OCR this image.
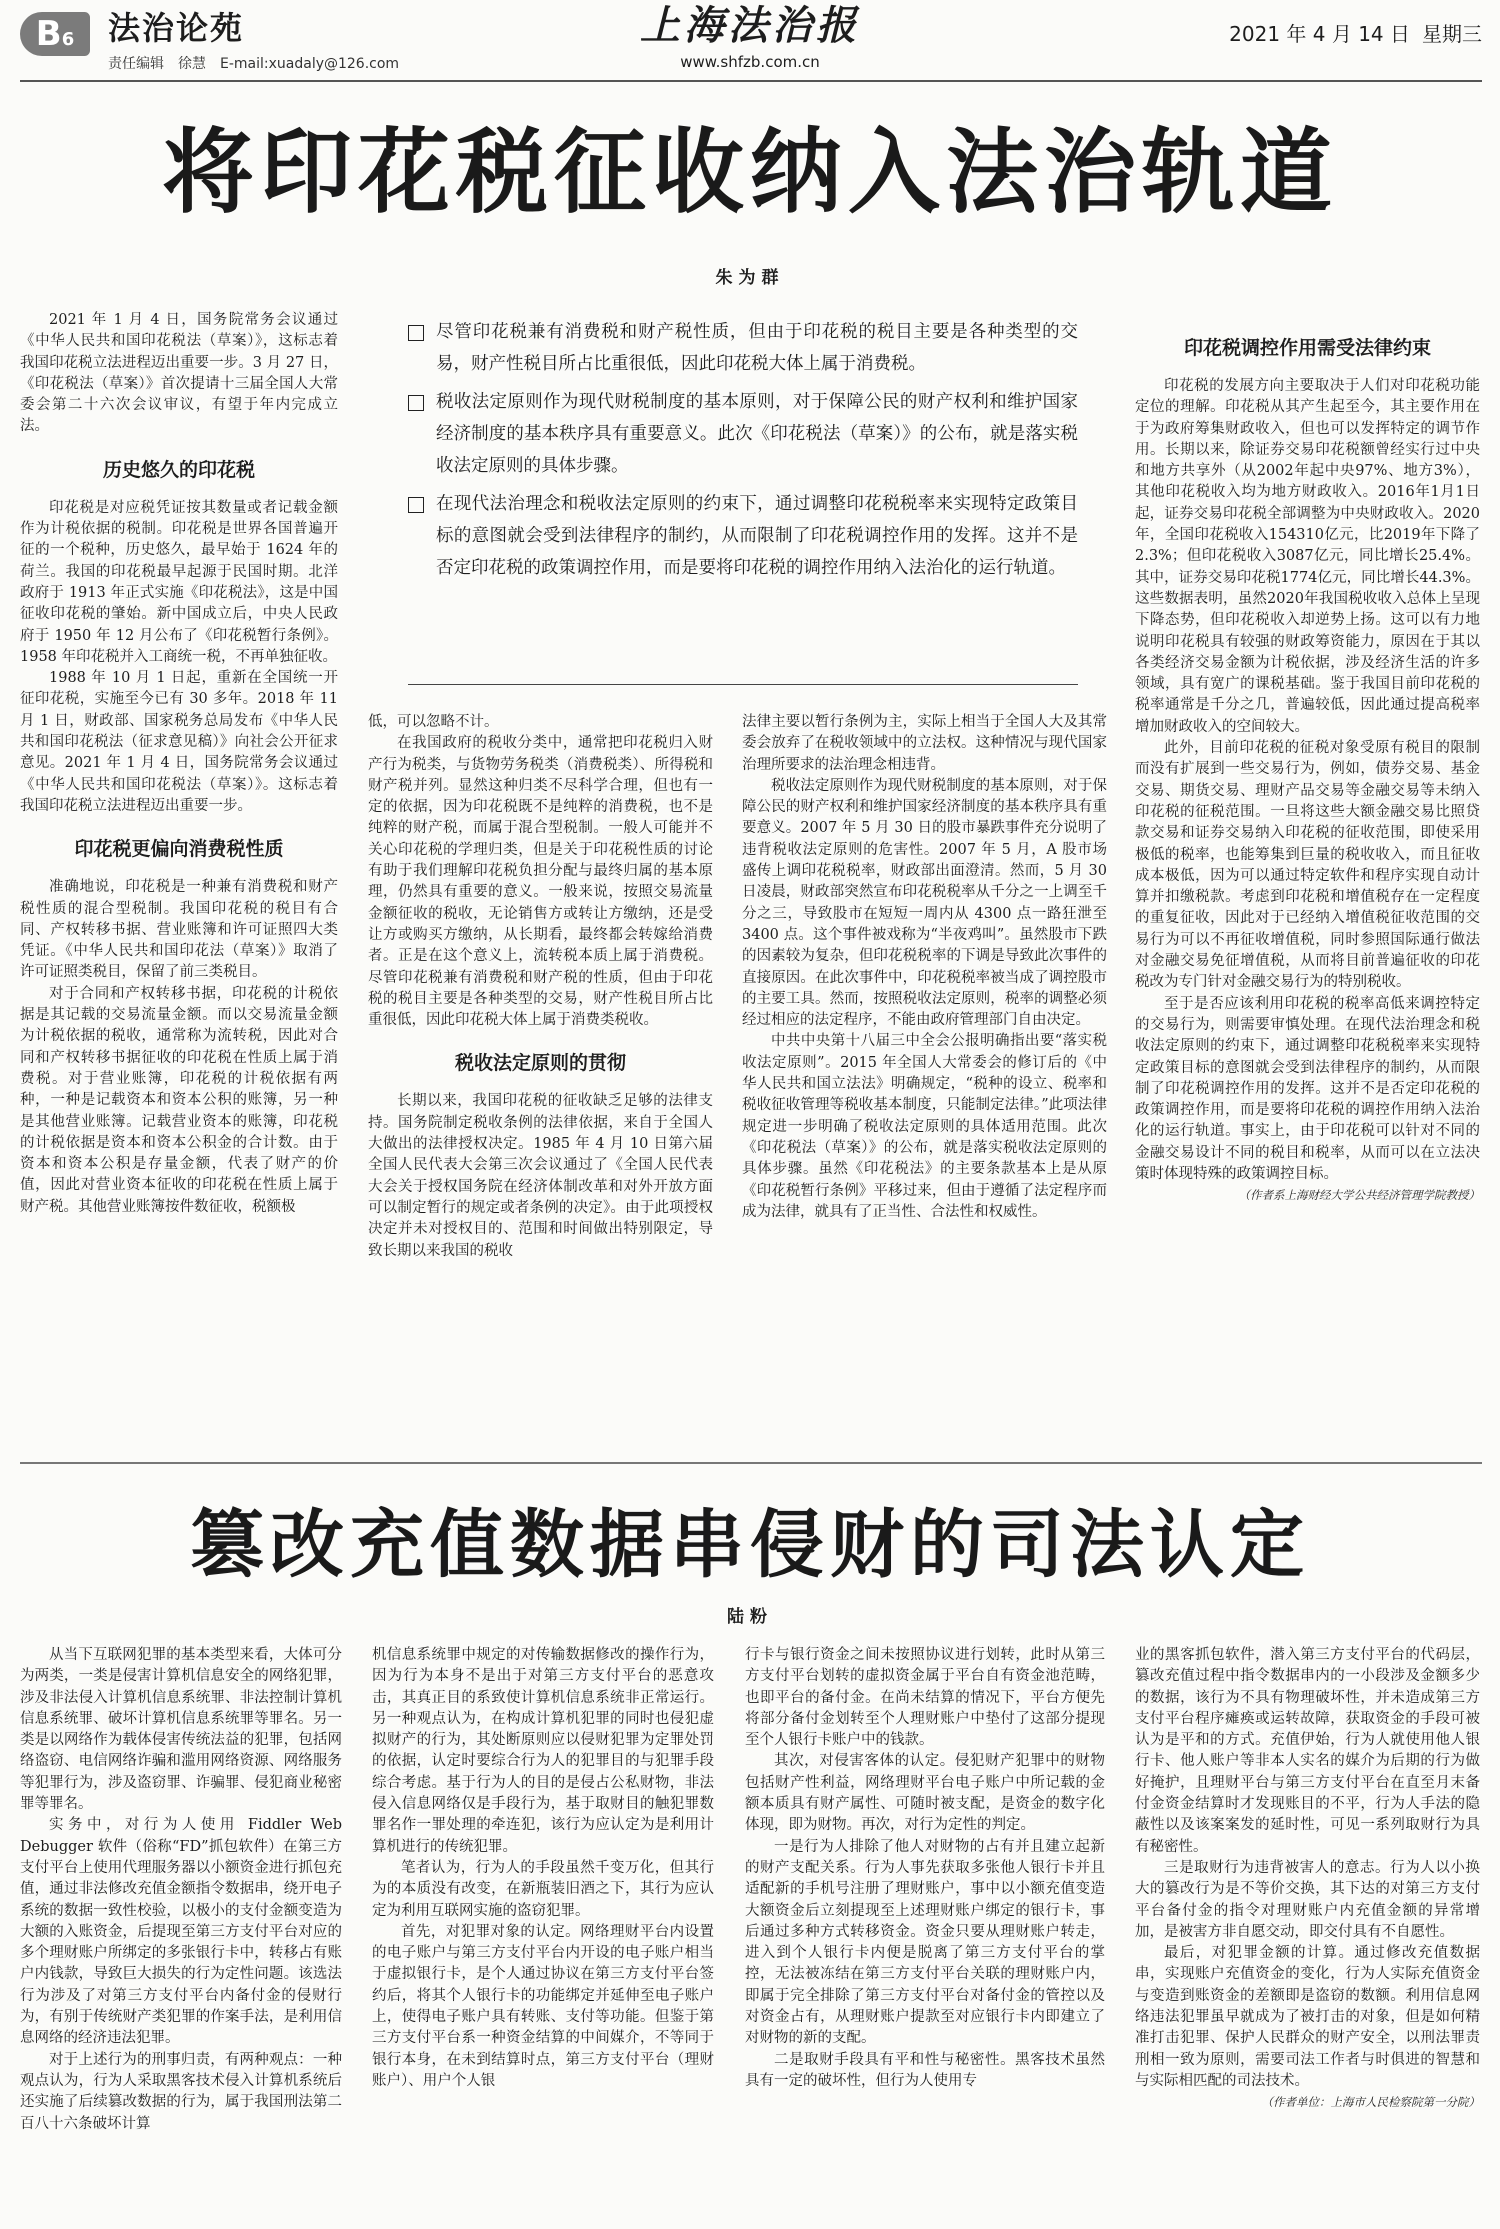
B6	法治论苑
责任编辑 徐慧 E-mail:xuadaly@126.com
上海法治报
www.shfzb.com.cn
2021 年 4 月 14 日 星期三
将印花税征收纳入法治轨道
朱为群
尽管印花税兼有消费税和财产税性质，但由于印花税的税目主要是各种类型的交易，财产性税目所占比重很低，因此印花税大体上属于消费税。
税收法定原则作为现代财税制度的基本原则，对于保障公民的财产权利和维护国家经济制度的基本秩序具有重要意义。此次《印花税法（草案）》的公布，就是落实税收法定原则的具体步骤。
在现代法治理念和税收法定原则的约束下，通过调整印花税税率来实现特定政策目标的意图就会受到法律程序的制约，从而限制了印花税调控作用的发挥。这并不是否定印花税的政策调控作用，而是要将印花税的调控作用纳入法治化的运行轨道。

2021 年 1 月 4 日，国务院常务会议通过《中华人民共和国印花税法（草案）》，这标志着我国印花税立法进程迈出重要一步。3 月 27 日，《印花税法（草案）》首次提请十三届全国人大常委会第二十六次会议审议，有望于年内完成立法。

历史悠久的印花税

印花税是对应税凭证按其数量或者记载金额作为计税依据的税制。印花税是世界各国普遍开征的一个税种，历史悠久，最早始于 1624 年的荷兰。我国的印花税最早起源于民国时期。北洋政府于 1913 年正式实施《印花税法》，这是中国征收印花税的肇始。新中国成立后，中央人民政府于 1950 年 12 月公布了《印花税暂行条例》。1958 年印花税并入工商统一税，不再单独征收。

1988 年 10 月 1 日起，重新在全国统一开征印花税，实施至今已有 30 多年。2018 年 11 月 1 日，财政部、国家税务总局发布《中华人民共和国印花税法（征求意见稿）》向社会公开征求意见。2021 年 1 月 4 日，国务院常务会议通过《中华人民共和国印花税法（草案）》。这标志着我国印花税立法进程迈出重要一步。

印花税更偏向消费税性质

准确地说，印花税是一种兼有消费税和财产税性质的混合型税制。我国印花税的税目有合同、产权转移书据、营业账簿和许可证照四大类凭证。《中华人民共和国印花法（草案）》取消了许可证照类税目，保留了前三类税目。

对于合同和产权转移书据，印花税的计税依据是其记载的交易流量金额。而以交易流量金额为计税依据的税收，通常称为流转税，因此对合同和产权转移书据征收的印花税在性质上属于消费税。对于营业账簿，印花税的计税依据有两种，一种是记载资本和资本公积的账簿，另一种是其他营业账簿。记载营业资本的账簿，印花税的计税依据是资本和资本公积金的合计数。由于资本和资本公积是存量金额，代表了财产的价值，因此对营业资本征收的印花税在性质上属于财产税。其他营业账簿按件数征收，税额极

低，可以忽略不计。

在我国政府的税收分类中，通常把印花税归入财产行为税类，与货物劳务税类（消费税类）、所得税和财产税并列。显然这种归类不尽科学合理，但也有一定的依据，因为印花税既不是纯粹的消费税，也不是纯粹的财产税，而属于混合型税制。一般人可能并不关心印花税的学理归类，但是关于印花税性质的讨论有助于我们理解印花税负担分配与最终归属的基本原理，仍然具有重要的意义。一般来说，按照交易流量金额征收的税收，无论销售方或转让方缴纳，还是受让方或购买方缴纳，从长期看，最终都会转嫁给消费者。正是在这个意义上，流转税本质上属于消费税。尽管印花税兼有消费税和财产税的性质，但由于印花税的税目主要是各种类型的交易，财产性税目所占比重很低，因此印花税大体上属于消费类税收。

税收法定原则的贯彻

长期以来，我国印花税的征收缺乏足够的法律支持。国务院制定税收条例的法律依据，来自于全国人大做出的法律授权决定。1985 年 4 月 10 日第六届全国人民代表大会第三次会议通过了《全国人民代表大会关于授权国务院在经济体制改革和对外开放方面可以制定暂行的规定或者条例的决定》。由于此项授权决定并未对授权目的、范围和时间做出特别限定，导致长期以来我国的税收

法律主要以暂行条例为主，实际上相当于全国人大及其常委会放弃了在税收领域中的立法权。这种情况与现代国家治理所要求的法治理念相违背。

税收法定原则作为现代财税制度的基本原则，对于保障公民的财产权利和维护国家经济制度的基本秩序具有重要意义。2007 年 5 月 30 日的股市暴跌事件充分说明了违背税收法定原则的危害性。2007 年 5 月，A 股市场盛传上调印花税税率，财政部出面澄清。然而，5 月 30 日凌晨，财政部突然宣布印花税税率从千分之一上调至千分之三，导致股市在短短一周内从 4300 点一路狂泄至 3400 点。这个事件被戏称为“半夜鸡叫”。虽然股市下跌的因素较为复杂，但印花税税率的下调是导致此次事件的直接原因。在此次事件中，印花税税率被当成了调控股市的主要工具。然而，按照税收法定原则，税率的调整必须经过相应的法定程序，不能由政府管理部门自由决定。

中共中央第十八届三中全会公报明确指出要“落实税收法定原则”。2015 年全国人大常委会的修订后的《中华人民共和国立法法》明确规定，“税种的设立、税率和税收征收管理等税收基本制度，只能制定法律。”此项法律规定进一步明确了税收法定原则的具体适用范围。此次《印花税法（草案）》的公布，就是落实税收法定原则的具体步骤。虽然《印花税法》的主要条款基本上是从原《印花税暂行条例》平移过来，但由于遵循了法定程序而成为法律，就具有了正当性、合法性和权威性。

印花税调控作用需受法律约束

印花税的发展方向主要取决于人们对印花税功能定位的理解。印花税从其产生起至今，其主要作用在于为政府筹集财政收入，但也可以发挥特定的调节作用。长期以来，除证券交易印花税额曾经实行过中央和地方共享外（从2002年起中央97%、地方3%），其他印花税收入均为地方财政收入。2016年1月1日起，证券交易印花税全部调整为中央财政收入。2020年，全国印花税收入154310亿元，比2019年下降了2.3%；但印花税收入3087亿元，同比增长25.4%。其中，证券交易印花税1774亿元，同比增长44.3%。这些数据表明，虽然2020年我国税收收入总体上呈现下降态势，但印花税收入却逆势上扬。这可以有力地说明印花税具有较强的财政筹资能力，原因在于其以各类经济交易金额为计税依据，涉及经济生活的许多领域，具有宽广的课税基础。鉴于我国目前印花税的税率通常是千分之几，普遍较低，因此通过提高税率增加财政收入的空间较大。

此外，目前印花税的征税对象受原有税目的限制而没有扩展到一些交易行为，例如，债券交易、基金交易、期货交易、理财产品交易等金融交易等未纳入印花税的征税范围。一旦将这些大额金融交易比照贷款交易和证券交易纳入印花税的征收范围，即使采用极低的税率，也能筹集到巨量的税收收入，而且征收成本极低，因为可以通过特定软件和程序实现自动计算并扣缴税款。考虑到印花税和增值税存在一定程度的重复征收，因此对于已经纳入增值税征收范围的交易行为可以不再征收增值税，同时参照国际通行做法对金融交易免征增值税，从而将目前普遍征收的印花税改为专门针对金融交易行为的特别税收。

至于是否应该利用印花税的税率高低来调控特定的交易行为，则需要审慎处理。在现代法治理念和税收法定原则的约束下，通过调整印花税税率来实现特定政策目标的意图就会受到法律程序的制约，从而限制了印花税调控作用的发挥。这并不是否定印花税的政策调控作用，而是要将印花税的调控作用纳入法治化的运行轨道。事实上，由于印花税可以针对不同的金融交易设计不同的税目和税率，从而可以在立法决策时体现特殊的政策调控目标。

（作者系上海财经大学公共经济管理学院教授）

篡改充值数据串侵财的司法认定
陆粉

从当下互联网犯罪的基本类型来看，大体可分为两类，一类是侵害计算机信息安全的网络犯罪，涉及非法侵入计算机信息系统罪、非法控制计算机信息系统罪、破坏计算机信息系统罪等罪名。另一类是以网络作为载体侵害传统法益的犯罪，包括网络盗窃、电信网络诈骗和滥用网络资源、网络服务等犯罪行为，涉及盗窃罪、诈骗罪、侵犯商业秘密罪等罪名。

实务中，对行为人使用 Fiddler Web Debugger 软件（俗称“FD”抓包软件）在第三方支付平台上使用代理服务器以小额资金进行抓包充值，通过非法修改充值金额指令数据串，绕开电子系统的数据一致性校验，以极小的支付金额变造为大额的入账资金，后提现至第三方支付平台对应的多个理财账户所绑定的多张银行卡中，转移占有账户内钱款，导致巨大损失的行为定性问题。该选法行为涉及了对第三方支付平台内备付金的侵财行为，有别于传统财产类犯罪的作案手法，是利用信息网络的经济违法犯罪。

对于上述行为的刑事归责，有两种观点：一种观点认为，行为人采取黑客技术侵入计算机系统后还实施了后续篡改数据的行为，属于我国刑法第二百八十六条破坏计算

机信息系统罪中规定的对传输数据修改的操作行为，因为行为本身不是出于对第三方支付平台的恶意攻击，其真正目的系致使计算机信息系统非正常运行。另一种观点认为，在构成计算机犯罪的同时也侵犯虚拟财产的行为，其处断原则应以侵财犯罪为定罪处罚的依据，认定时要综合行为人的犯罪目的与犯罪手段综合考虑。基于行为人的目的是侵占公私财物，非法侵入信息网络仅是手段行为，基于取财目的触犯罪数罪名作一罪处理的牵连犯，该行为应认定为是利用计算机进行的传统犯罪。

笔者认为，行为人的手段虽然千变万化，但其行为的本质没有改变，在新瓶装旧酒之下，其行为应认定为利用互联网实施的盗窃犯罪。

首先，对犯罪对象的认定。网络理财平台内设置的电子账户与第三方支付平台内开设的电子账户相当于虚拟银行卡，是个人通过协议在第三方支付平台签约后，将其个人银行卡的功能绑定并延伸至电子账户上，使得电子账户具有转账、支付等功能。但鉴于第三方支付平台系一种资金结算的中间媒介，不等同于银行本身，在未到结算时点，第三方支付平台（理财账户）、用户个人银

行卡与银行资金之间未按照协议进行划转，此时从第三方支付平台划转的虚拟资金属于平台自有资金池范畴，也即平台的备付金。在尚未结算的情况下，平台方便先将部分备付金划转至个人理财账户中垫付了这部分提现至个人银行卡账户中的钱款。

其次，对侵害客体的认定。侵犯财产犯罪中的财物包括财产性利益，网络理财平台电子账户中所记载的金额本质具有财产属性、可随时被支配，是资金的数字化体现，即为财物。再次，对行为定性的判定。

一是行为人排除了他人对财物的占有并且建立起新的财产支配关系。行为人事先获取多张他人银行卡并且适配新的手机号注册了理财账户，事中以小额充值变造大额资金后立刻提现至上述理财账户绑定的银行卡，事后通过多种方式转移资金。资金只要从理财账户转走，进入到个人银行卡内便是脱离了第三方支付平台的掌控，无法被冻结在第三方支付平台关联的理财账户内，即属于完全排除了第三方支付平台对备付金的管控以及对资金占有，从理财账户提款至对应银行卡内即建立了对财物的新的支配。

二是取财手段具有平和性与秘密性。黑客技术虽然具有一定的破坏性，但行为人使用专

业的黑客抓包软件，潜入第三方支付平台的代码层，篡改充值过程中指令数据串内的一小段涉及金额多少的数据，该行为不具有物理破坏性，并未造成第三方支付平台程序瘫痪或运转故障，获取资金的手段可被认为是平和的方式。充值伊始，行为人就使用他人银行卡、他人账户等非本人实名的媒介为后期的行为做好掩护，且理财平台与第三方支付平台在直至月末备付金资金结算时才发现账目的不平，行为人手法的隐蔽性以及该案案发的延时性，可见一系列取财行为具有秘密性。

三是取财行为违背被害人的意志。行为人以小换大的篡改行为是不等价交换，其下达的对第三方支付平台备付金的指令对理财账户内充值金额的异常增加，是被害方非自愿交动，即交付具有不自愿性。

最后，对犯罪金额的计算。通过修改充值数据串，实现账户充值资金的变化，行为人实际充值资金与变造到账资金的差额即是盗窃的数额。利用信息网络违法犯罪虽早就成为了被打击的对象，但是如何精准打击犯罪、保护人民群众的财产安全，以刑法罪责刑相一致为原则，需要司法工作者与时俱进的智慧和与实际相匹配的司法技术。

（作者单位：上海市人民检察院第一分院）
